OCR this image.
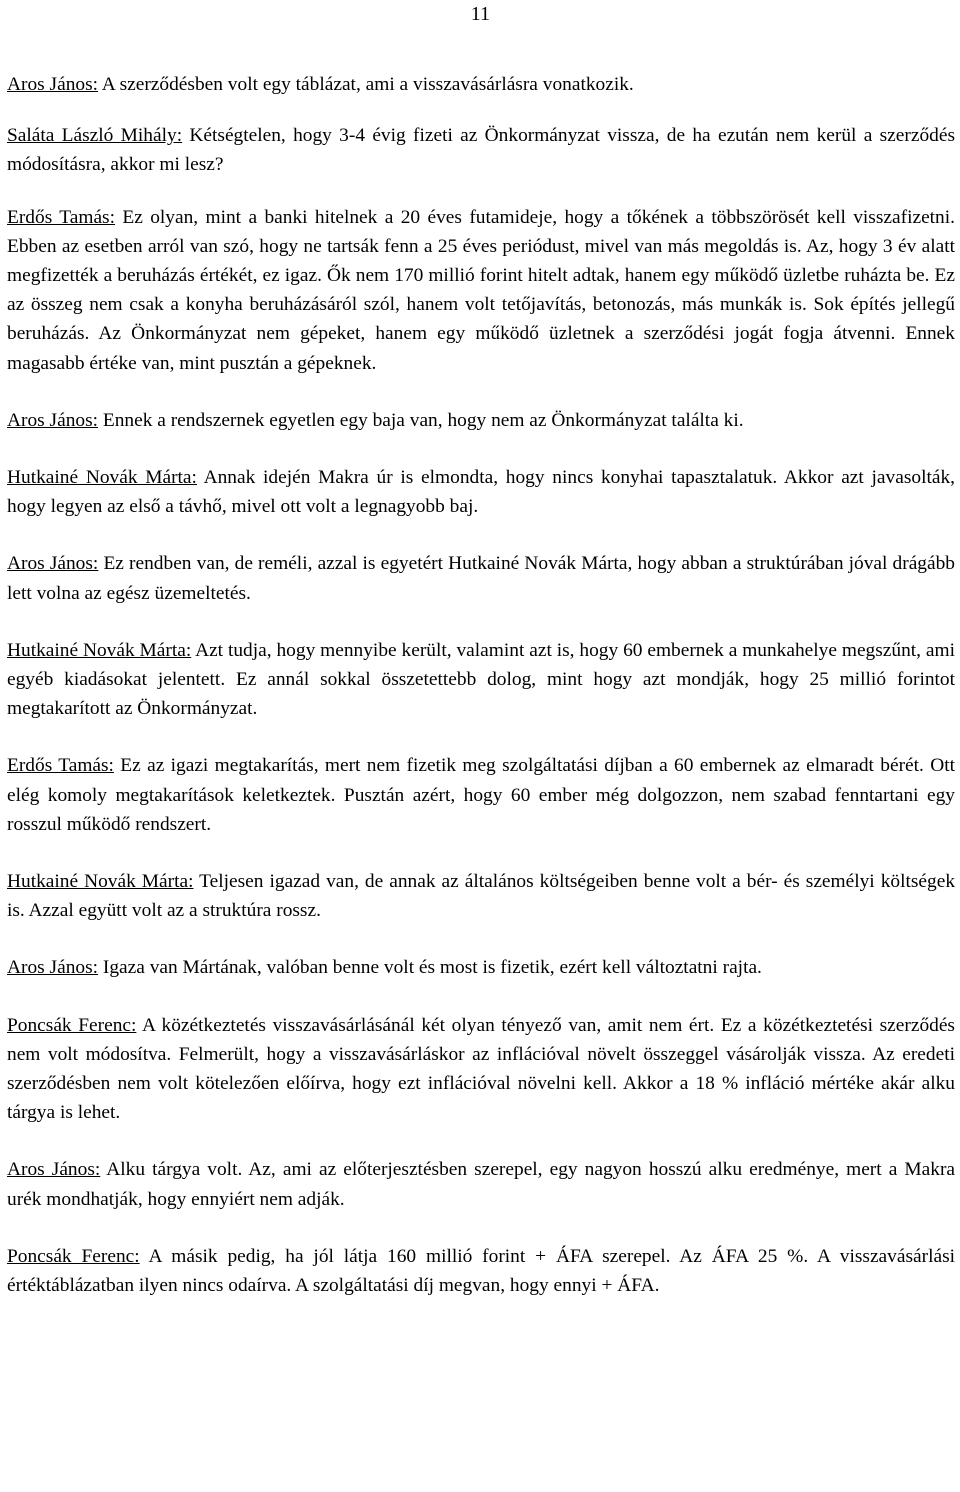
11

Aros János: A szerződésben volt egy táblázat, ami a visszavásárlásra vonatkozik.

Saláta László Mihály: Kétségtelen, hogy 3-4 évig fizeti az Önkormányzat vissza, de ha ezután nem kerül a szerződés módosításra, akkor mi lesz?

Erdős Tamás: Ez olyan, mint a banki hitelnek a 20 éves futamideje, hogy a tőkének a többszörösét kell visszafizetni. Ebben az esetben arról van szó, hogy ne tartsák fenn a 25 éves periódust, mivel van más megoldás is. Az, hogy 3 év alatt megfizették a beruházás értékét, ez igaz. Ők nem 170 millió forint hitelt adtak, hanem egy működő üzletbe ruházta be. Ez az összeg nem csak a konyha beruházásáról szól, hanem volt tetőjavítás, betonozás, más munkák is. Sok építés jellegű beruházás. Az Önkormányzat nem gépeket, hanem egy működő üzletnek a szerződési jogát fogja átvenni. Ennek magasabb értéke van, mint pusztán a gépeknek.

Aros János: Ennek a rendszernek egyetlen egy baja van, hogy nem az Önkormányzat találta ki.

Hutkainé Novák Márta: Annak idején Makra úr is elmondta, hogy nincs konyhai tapasztalatuk. Akkor azt javasolták, hogy legyen az első a távhő, mivel ott volt a legnagyobb baj.

Aros János: Ez rendben van, de reméli, azzal is egyetért Hutkainé Novák Márta, hogy abban a struktúrában jóval drágább lett volna az egész üzemeltetés.

Hutkainé Novák Márta: Azt tudja, hogy mennyibe került, valamint azt is, hogy 60 embernek a munkahelye megszűnt, ami egyéb kiadásokat jelentett. Ez annál sokkal összetettebb dolog, mint hogy azt mondják, hogy 25 millió forintot megtakarított az Önkormányzat.

Erdős Tamás: Ez az igazi megtakarítás, mert nem fizetik meg szolgáltatási díjban a 60 embernek az elmaradt bérét. Ott elég komoly megtakarítások keletkeztek. Pusztán azért, hogy 60 ember még dolgozzon, nem szabad fenntartani egy rosszul működő rendszert.

Hutkainé Novák Márta: Teljesen igazad van, de annak az általános költségeiben benne volt a bér- és személyi költségek is. Azzal együtt volt az a struktúra rossz.

Aros János: Igaza van Mártának, valóban benne volt és most is fizetik, ezért kell változtatni rajta.

Poncsák Ferenc: A közétkeztetés visszavásárlásánál két olyan tényező van, amit nem ért. Ez a közétkeztetési szerződés nem volt módosítva. Felmerült, hogy a visszavásárláskor az inflációval növelt összeggel vásárolják vissza. Az eredeti szerződésben nem volt kötelezően előírva, hogy ezt inflációval növelni kell. Akkor a 18 % infláció mértéke akár alku tárgya is lehet.

Aros János: Alku tárgya volt. Az, ami az előterjesztésben szerepel, egy nagyon hosszú alku eredménye, mert a Makra urék mondhatják, hogy ennyiért nem adják.

Poncsák Ferenc: A másik pedig, ha jól látja 160 millió forint + ÁFA szerepel. Az ÁFA 25 %. A visszavásárlási értéktáblázatban ilyen nincs odaírva. A szolgáltatási díj megvan, hogy ennyi + ÁFA.
